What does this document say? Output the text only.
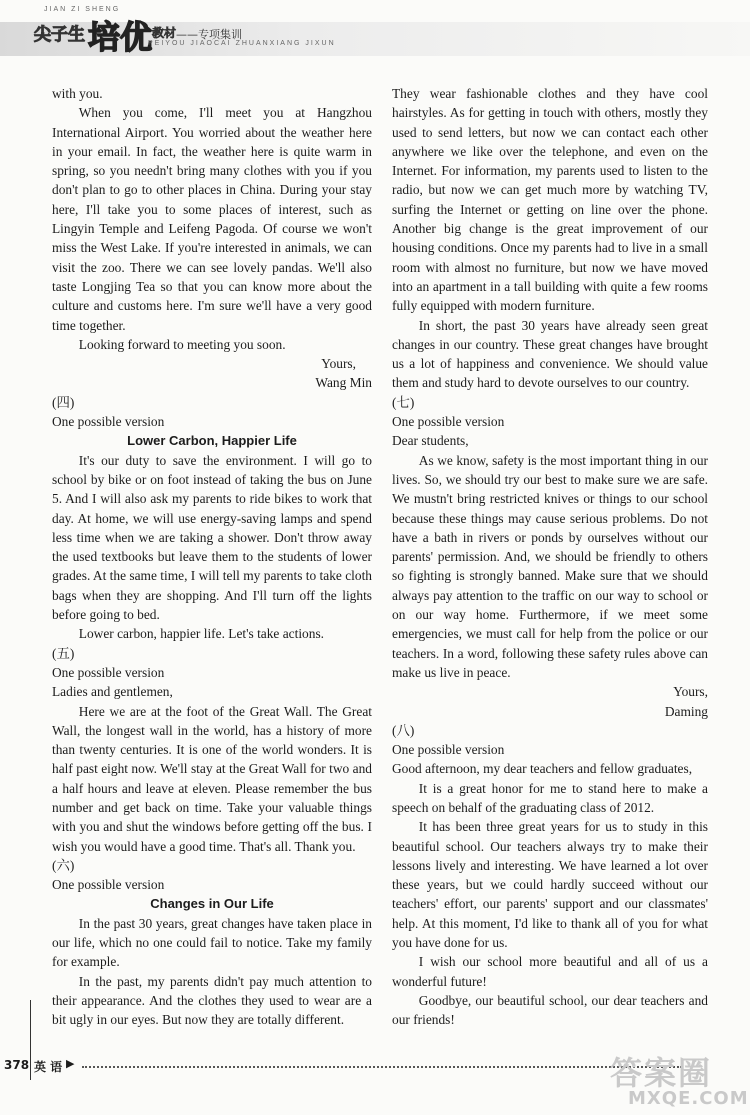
JIAN ZI SHENG
尖子生 培优 教材 ——专项集训
PEIYOU JIAOCAI ZHUANXIANG JIXUN

with you.

When you come, I'll meet you at Hangzhou International Airport. You worried about the weather here in your email. In fact, the weather here is quite warm in spring, so you needn't bring many clothes with you if you don't plan to go to other places in China. During your stay here, I'll take you to some places of interest, such as Lingyin Temple and Leifeng Pagoda. Of course we won't miss the West Lake. If you're interested in animals, we can visit the zoo. There we can see lovely pandas. We'll also taste Longjing Tea so that you can know more about the culture and customs here. I'm sure we'll have a very good time together.

Looking forward to meeting you soon.

Yours,

Wang Min

(四)

One possible version

Lower Carbon, Happier Life

It's our duty to save the environment. I will go to school by bike or on foot instead of taking the bus on June 5. And I will also ask my parents to ride bikes to work that day. At home, we will use energy-saving lamps and spend less time when we are taking a shower. Don't throw away the used textbooks but leave them to the students of lower grades. At the same time, I will tell my parents to take cloth bags when they are shopping. And I'll turn off the lights before going to bed.

Lower carbon, happier life. Let's take actions.

(五)

One possible version

Ladies and gentlemen,

Here we are at the foot of the Great Wall. The Great Wall, the longest wall in the world, has a history of more than twenty centuries. It is one of the world wonders. It is half past eight now. We'll stay at the Great Wall for two and a half hours and leave at eleven. Please remember the bus number and get back on time. Take your valuable things with you and shut the windows before getting off the bus. I wish you would have a good time. That's all. Thank you.

(六)

One possible version

Changes in Our Life

In the past 30 years, great changes have taken place in our life, which no one could fail to notice. Take my family for example.

In the past, my parents didn't pay much attention to their appearance. And the clothes they used to wear are a bit ugly in our eyes. But now they are totally different.

They wear fashionable clothes and they have cool hairstyles. As for getting in touch with others, mostly they used to send letters, but now we can contact each other anywhere we like over the telephone, and even on the Internet. For information, my parents used to listen to the radio, but now we can get much more by watching TV, surfing the Internet or getting on line over the phone. Another big change is the great improvement of our housing conditions. Once my parents had to live in a small room with almost no furniture, but now we have moved into an apartment in a tall building with quite a few rooms fully equipped with modern furniture.

In short, the past 30 years have already seen great changes in our country. These great changes have brought us a lot of happiness and convenience. We should value them and study hard to devote ourselves to our country.

(七)

One possible version

Dear students,

As we know, safety is the most important thing in our lives. So, we should try our best to make sure we are safe. We mustn't bring restricted knives or things to our school because these things may cause serious problems. Do not have a bath in rivers or ponds by ourselves without our parents' permission. And, we should be friendly to others so fighting is strongly banned. Make sure that we should always pay attention to the traffic on our way to school or on our way home. Furthermore, if we meet some emergencies, we must call for help from the police or our teachers. In a word, following these safety rules above can make us live in peace.

Yours,

Daming

(八)

One possible version

Good afternoon, my dear teachers and fellow graduates,

It is a great honor for me to stand here to make a speech on behalf of the graduating class of 2012.

It has been three great years for us to study in this beautiful school. Our teachers always try to make their lessons lively and interesting. We have learned a lot over these years, but we could hardly succeed without our teachers' effort, our parents' support and our classmates' help. At this moment, I'd like to thank all of you for what you have done for us.

I wish our school more beautiful and all of us a wonderful future!

Goodbye, our beautiful school, our dear teachers and our friends!

378 英 语 ▶	答案圈
MXQE.COM
